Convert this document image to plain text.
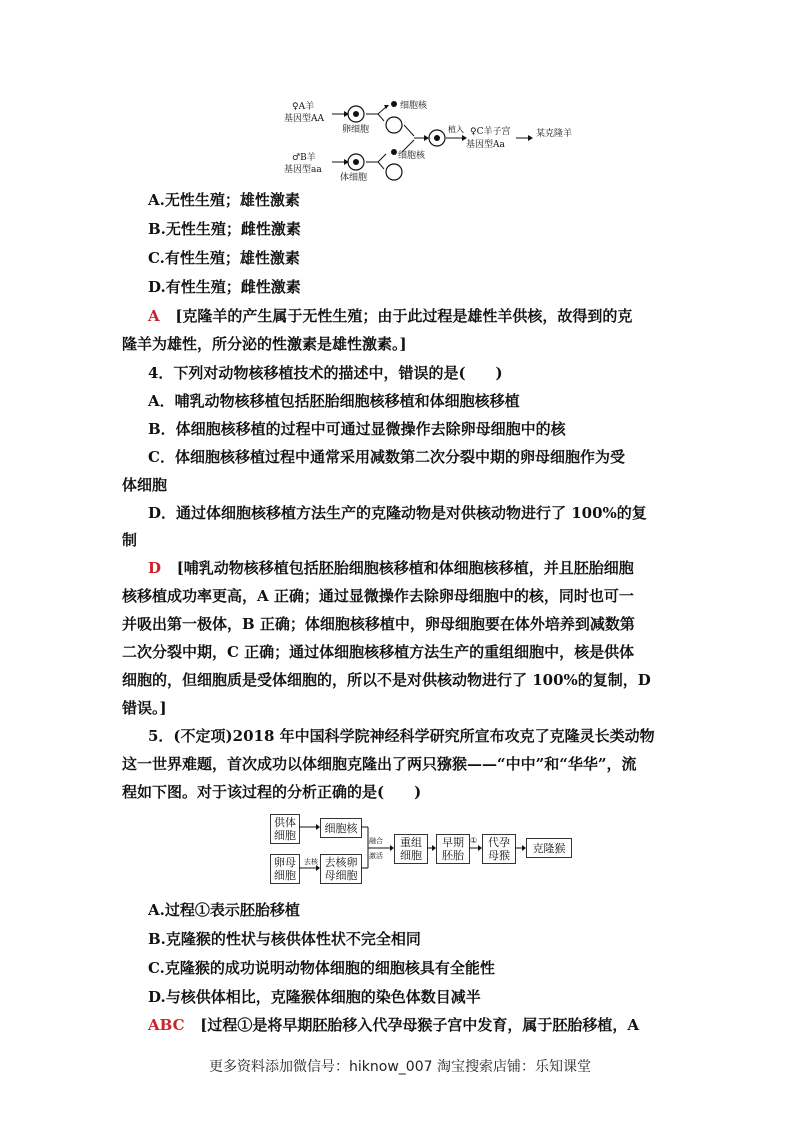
♀A羊
基因型AA
卵细胞
细胞核
♂B羊
基因型aa
体细胞
细胞核
植入 ♀C羊子宫
基因型Aa
某克隆羊
A.无性生殖；雄性激素
B.无性生殖；雌性激素
C.有性生殖；雄性激素
D.有性生殖；雌性激素
A [克隆羊的产生属于无性生殖；由于此过程是雄性羊供核，故得到的克
隆羊为雄性，所分泌的性激素是雄性激素。]
4．下列对动物核移植技术的描述中，错误的是(　　)
A．哺乳动物核移植包括胚胎细胞核移植和体细胞核移植
B．体细胞核移植的过程中可通过显微操作去除卵母细胞中的核
C．体细胞核移植过程中通常采用减数第二次分裂中期的卵母细胞作为受
体细胞
D．通过体细胞核移植方法生产的克隆动物是对供核动物进行了 100%的复
制
D [哺乳动物核移植包括胚胎细胞核移植和体细胞核移植，并且胚胎细胞
核移植成功率更高，A 正确；通过显微操作去除卵母细胞中的核，同时也可一
并吸出第一极体，B 正确；体细胞核移植中，卵母细胞要在体外培养到减数第
二次分裂中期，C 正确；通过体细胞核移植方法生产的重组细胞中，核是供体
细胞的，但细胞质是受体细胞的，所以不是对供核动物进行了 100%的复制，D
错误。]
5．(不定项)2018 年中国科学院神经科学研究所宣布攻克了克隆灵长类动物
这一世界难题，首次成功以体细胞克隆出了两只猕猴——“中中”和“华华”，流
程如下图。对于该过程的分析正确的是(　　)
供体细胞
细胞核
卵母细胞
去核卵母细胞
重组细胞
早期胚胎
代孕母猴
克隆猴
去核
融合
激活
①
A.过程①表示胚胎移植
B.克隆猴的性状与核供体性状不完全相同
C.克隆猴的成功说明动物体细胞的细胞核具有全能性
D.与核供体相比，克隆猴体细胞的染色体数目减半
ABC [过程①是将早期胚胎移入代孕母猴子宫中发育，属于胚胎移植，A
更多资料添加微信号：hiknow_007 淘宝搜索店铺：乐知课堂
